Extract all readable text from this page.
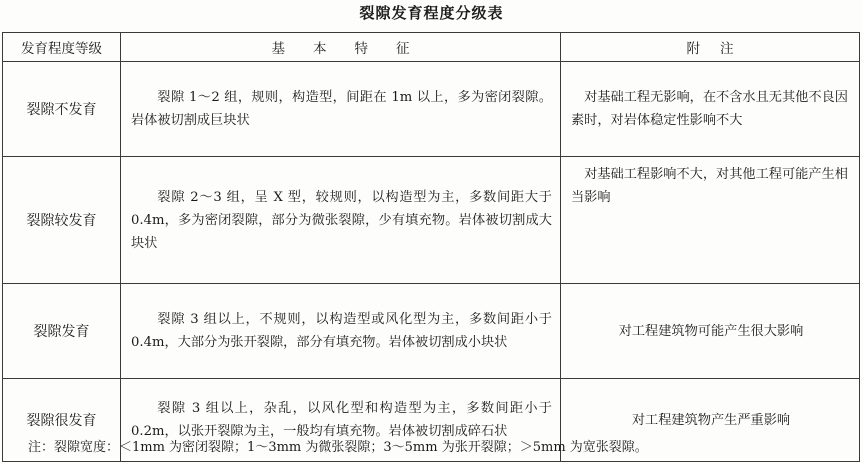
裂隙发育程度分级表
发育程度等级	基本特征	附注
裂隙不发育	裂隙 1～2 组，规则，构造型，间距在 1m 以上，多为密闭裂隙。岩体被切割成巨块状	对基础工程无影响，在不含水且无其他不良因素时，对岩体稳定性影响不大
裂隙较发育	裂隙 2～3 组，呈 X 型，较规则，以构造型为主，多数间距大于 0.4m，多为密闭裂隙，部分为微张裂隙，少有填充物。岩体被切割成大块状	对基础工程影响不大，对其他工程可能产生相当影响
裂隙发育	裂隙 3 组以上，不规则，以构造型或风化型为主，多数间距小于 0.4m，大部分为张开裂隙，部分有填充物。岩体被切割成小块状	对工程建筑物可能产生很大影响
裂隙很发育	裂隙 3 组以上，杂乱，以风化型和构造型为主，多数间距小于 0.2m，以张开裂隙为主，一般均有填充物。岩体被切割成碎石状	对工程建筑物产生严重影响
注：裂隙宽度：＜1mm 为密闭裂隙；1～3mm 为微张裂隙；3～5mm 为张开裂隙；＞5mm 为宽张裂隙。
